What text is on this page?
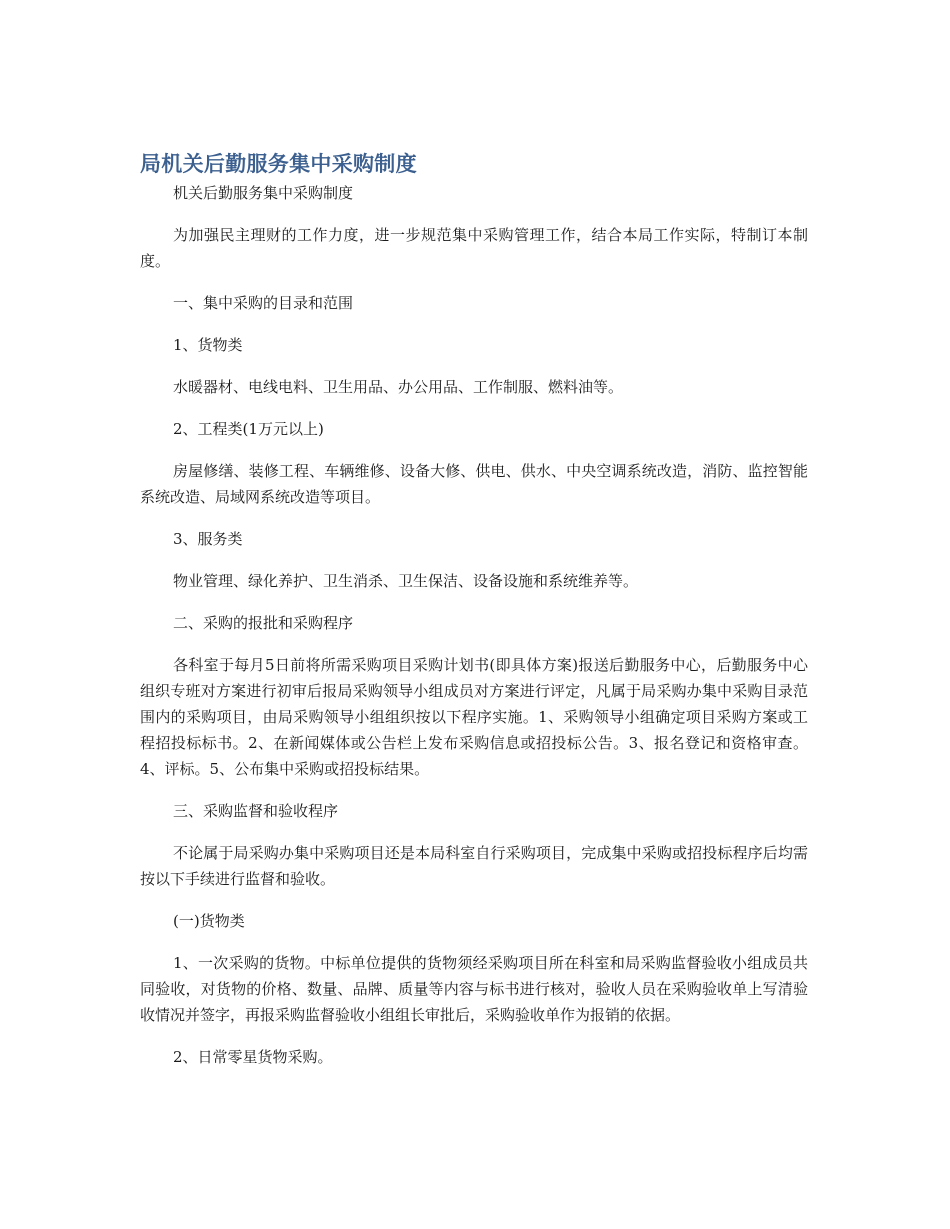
局机关后勤服务集中采购制度

机关后勤服务集中采购制度

为加强民主理财的工作力度，进一步规范集中采购管理工作，结合本局工作实际，特制订本制度。

一、集中采购的目录和范围

1、货物类

水暖器材、电线电料、卫生用品、办公用品、工作制服、燃料油等。

2、工程类(1万元以上)

房屋修缮、装修工程、车辆维修、设备大修、供电、供水、中央空调系统改造，消防、监控智能系统改造、局域网系统改造等项目。

3、服务类

物业管理、绿化养护、卫生消杀、卫生保洁、设备设施和系统维养等。

二、采购的报批和采购程序

各科室于每月5日前将所需采购项目采购计划书(即具体方案)报送后勤服务中心，后勤服务中心组织专班对方案进行初审后报局采购领导小组成员对方案进行评定，凡属于局采购办集中采购目录范围内的采购项目，由局采购领导小组组织按以下程序实施。1、采购领导小组确定项目采购方案或工程招投标标书。2、在新闻媒体或公告栏上发布采购信息或招投标公告。3、报名登记和资格审查。4、评标。5、公布集中采购或招投标结果。

三、采购监督和验收程序

不论属于局采购办集中采购项目还是本局科室自行采购项目，完成集中采购或招投标程序后均需按以下手续进行监督和验收。

(一)货物类

1、一次采购的货物。中标单位提供的货物须经采购项目所在科室和局采购监督验收小组成员共同验收，对货物的价格、数量、品牌、质量等内容与标书进行核对，验收人员在采购验收单上写清验收情况并签字，再报采购监督验收小组组长审批后，采购验收单作为报销的依据。

2、日常零星货物采购。
